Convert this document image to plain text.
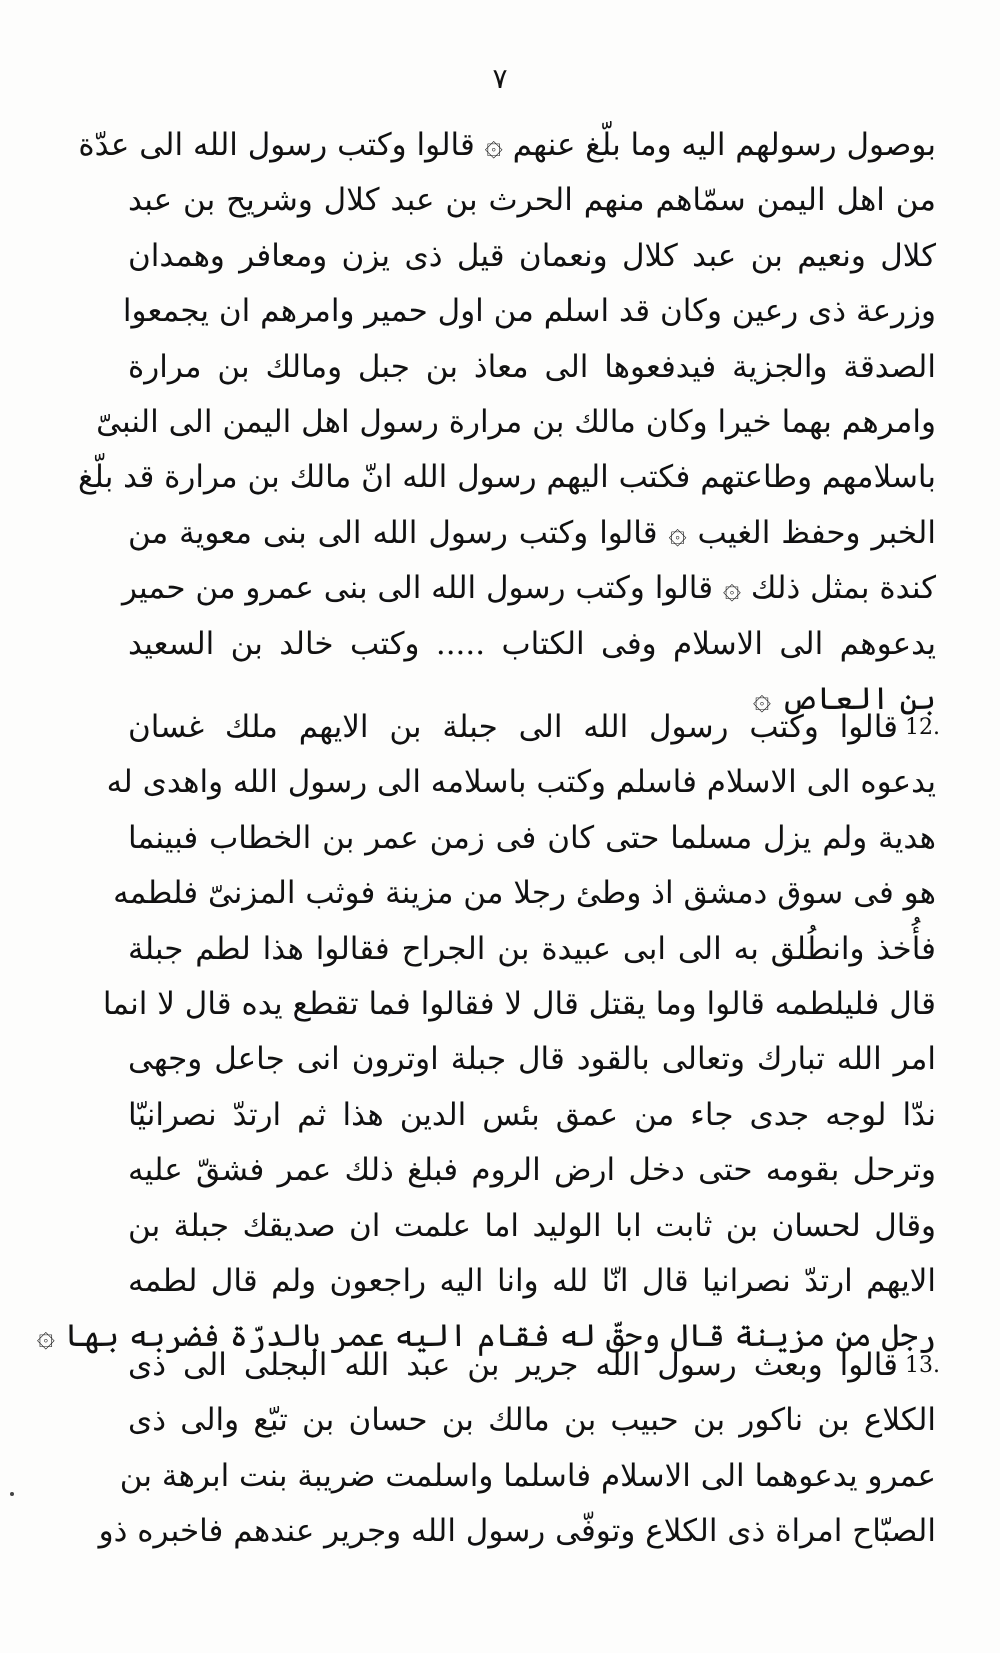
٧
بوصول رسولهم اليه وما بلّغ عنهم ۞ قالوا وكتب رسول الله الى عدّة
من اهل اليمن سمّاهم منهم الحرث بن عبد كلال وشريح بن عبد
كلال ونعيم بن عبد كلال ونعمان قيل ذى يزن ومعافر وهمدان
وزرعة ذى رعين وكان قد اسلم من اول حمير وامرهم ان يجمعوا
الصدقة والجزية فيدفعوها الى معاذ بن جبل ومالك بن مرارة
وامرهم بهما خيرا وكان مالك بن مرارة رسول اهل اليمن الى النبىّ
باسلامهم وطاعتهم فكتب اليهم رسول الله انّ مالك بن مرارة قد بلّغ
الخبر وحفظ الغيب ۞ قالوا وكتب رسول الله الى بنى معوية من
كندة بمثل ذلك ۞ قالوا وكتب رسول الله الى بنى عمرو من حمير
يدعوهم الى الاسلام وفى الكتاب ..... وكتب خالد بن السعيد
بن العاص ۞
12.
قالوا وكتب رسول الله الى جبلة بن الايهم ملك غسان
يدعوه الى الاسلام فاسلم وكتب باسلامه الى رسول الله واهدى له
هدية ولم يزل مسلما حتى كان فى زمن عمر بن الخطاب فبينما
هو فى سوق دمشق اذ وطئ رجلا من مزينة فوثب المزنىّ فلطمه
فأُخذ وانطُلق به الى ابى عبيدة بن الجراح فقالوا هذا لطم جبلة
قال فليلطمه قالوا وما يقتل قال لا فقالوا فما تقطع يده قال لا انما
امر الله تبارك وتعالى بالقود قال جبلة اوترون انى جاعل وجهى
ندّا لوجه جدى جاء من عمق بئس الدين هذا ثم ارتدّ نصرانيّا
وترحل بقومه حتى دخل ارض الروم فبلغ ذلك عمر فشقّ عليه
وقال لحسان بن ثابت ابا الوليد اما علمت ان صديقك جبلة بن
الايهم ارتدّ نصرانيا قال انّا لله وانا اليه راجعون ولم قال لطمه
رجل من مزينة قال وحقّ له فقام اليه عمر بالدرّة فضربه بها ۞
13.
قالوا وبعث رسول الله جرير بن عبد الله البجلى الى ذى
الكلاع بن ناكور بن حبيب بن مالك بن حسان بن تبّع والى ذى
عمرو يدعوهما الى الاسلام فاسلما واسلمت ضريبة بنت ابرهة بن
الصبّاح امراة ذى الكلاع وتوفّى رسول الله وجرير عندهم فاخبره ذو
